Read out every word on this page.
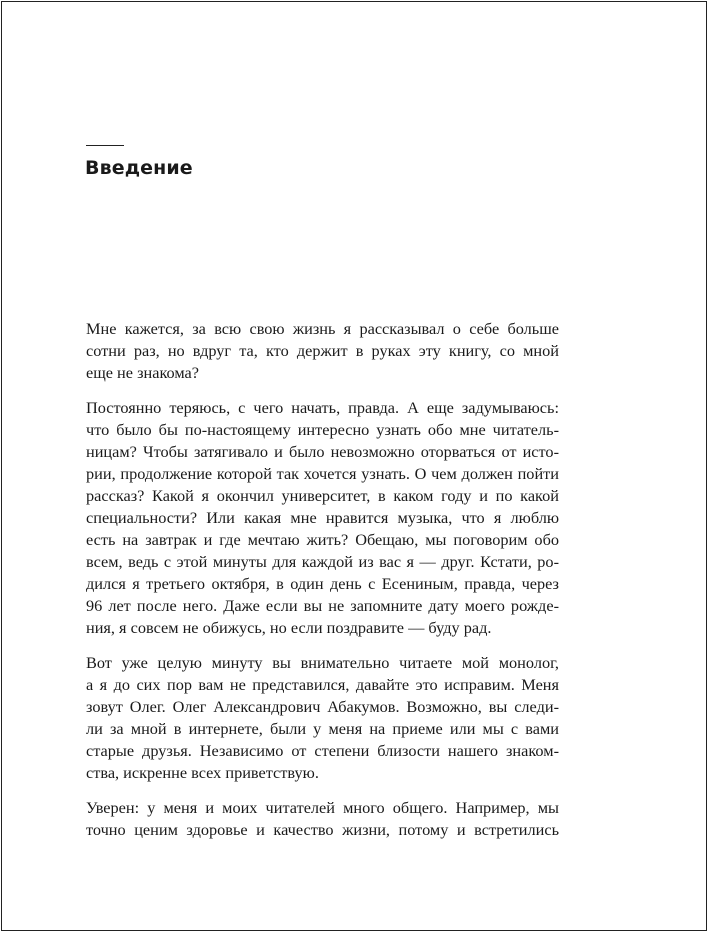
Введение
Мне кажется, за всю свою жизнь я рассказывал о себе больше
сотни раз, но вдруг та, кто держит в руках эту книгу, со мной
еще не знакома?
Постоянно теряюсь, с чего начать, правда. А еще задумываюсь:
что было бы по-настоящему интересно узнать обо мне читатель-
ницам? Чтобы затягивало и было невозможно оторваться от исто-
рии, продолжение которой так хочется узнать. О чем должен пойти
рассказ? Какой я окончил университет, в каком году и по какой
специальности? Или какая мне нравится музыка, что я люблю
есть на завтрак и где мечтаю жить? Обещаю, мы поговорим обо
всем, ведь с этой минуты для каждой из вас я — друг. Кстати, ро-
дился я третьего октября, в один день с Есениным, правда, через
96 лет после него. Даже если вы не запомните дату моего рожде-
ния, я совсем не обижусь, но если поздравите — буду рад.
Вот уже целую минуту вы внимательно читаете мой монолог,
а я до сих пор вам не представился, давайте это исправим. Меня
зовут Олег. Олег Александрович Абакумов. Возможно, вы следи-
ли за мной в интернете, были у меня на приеме или мы с вами
старые друзья. Независимо от степени близости нашего знаком-
ства, искренне всех приветствую.
Уверен: у меня и моих читателей много общего. Например, мы
точно ценим здоровье и качество жизни, потому и встретились
